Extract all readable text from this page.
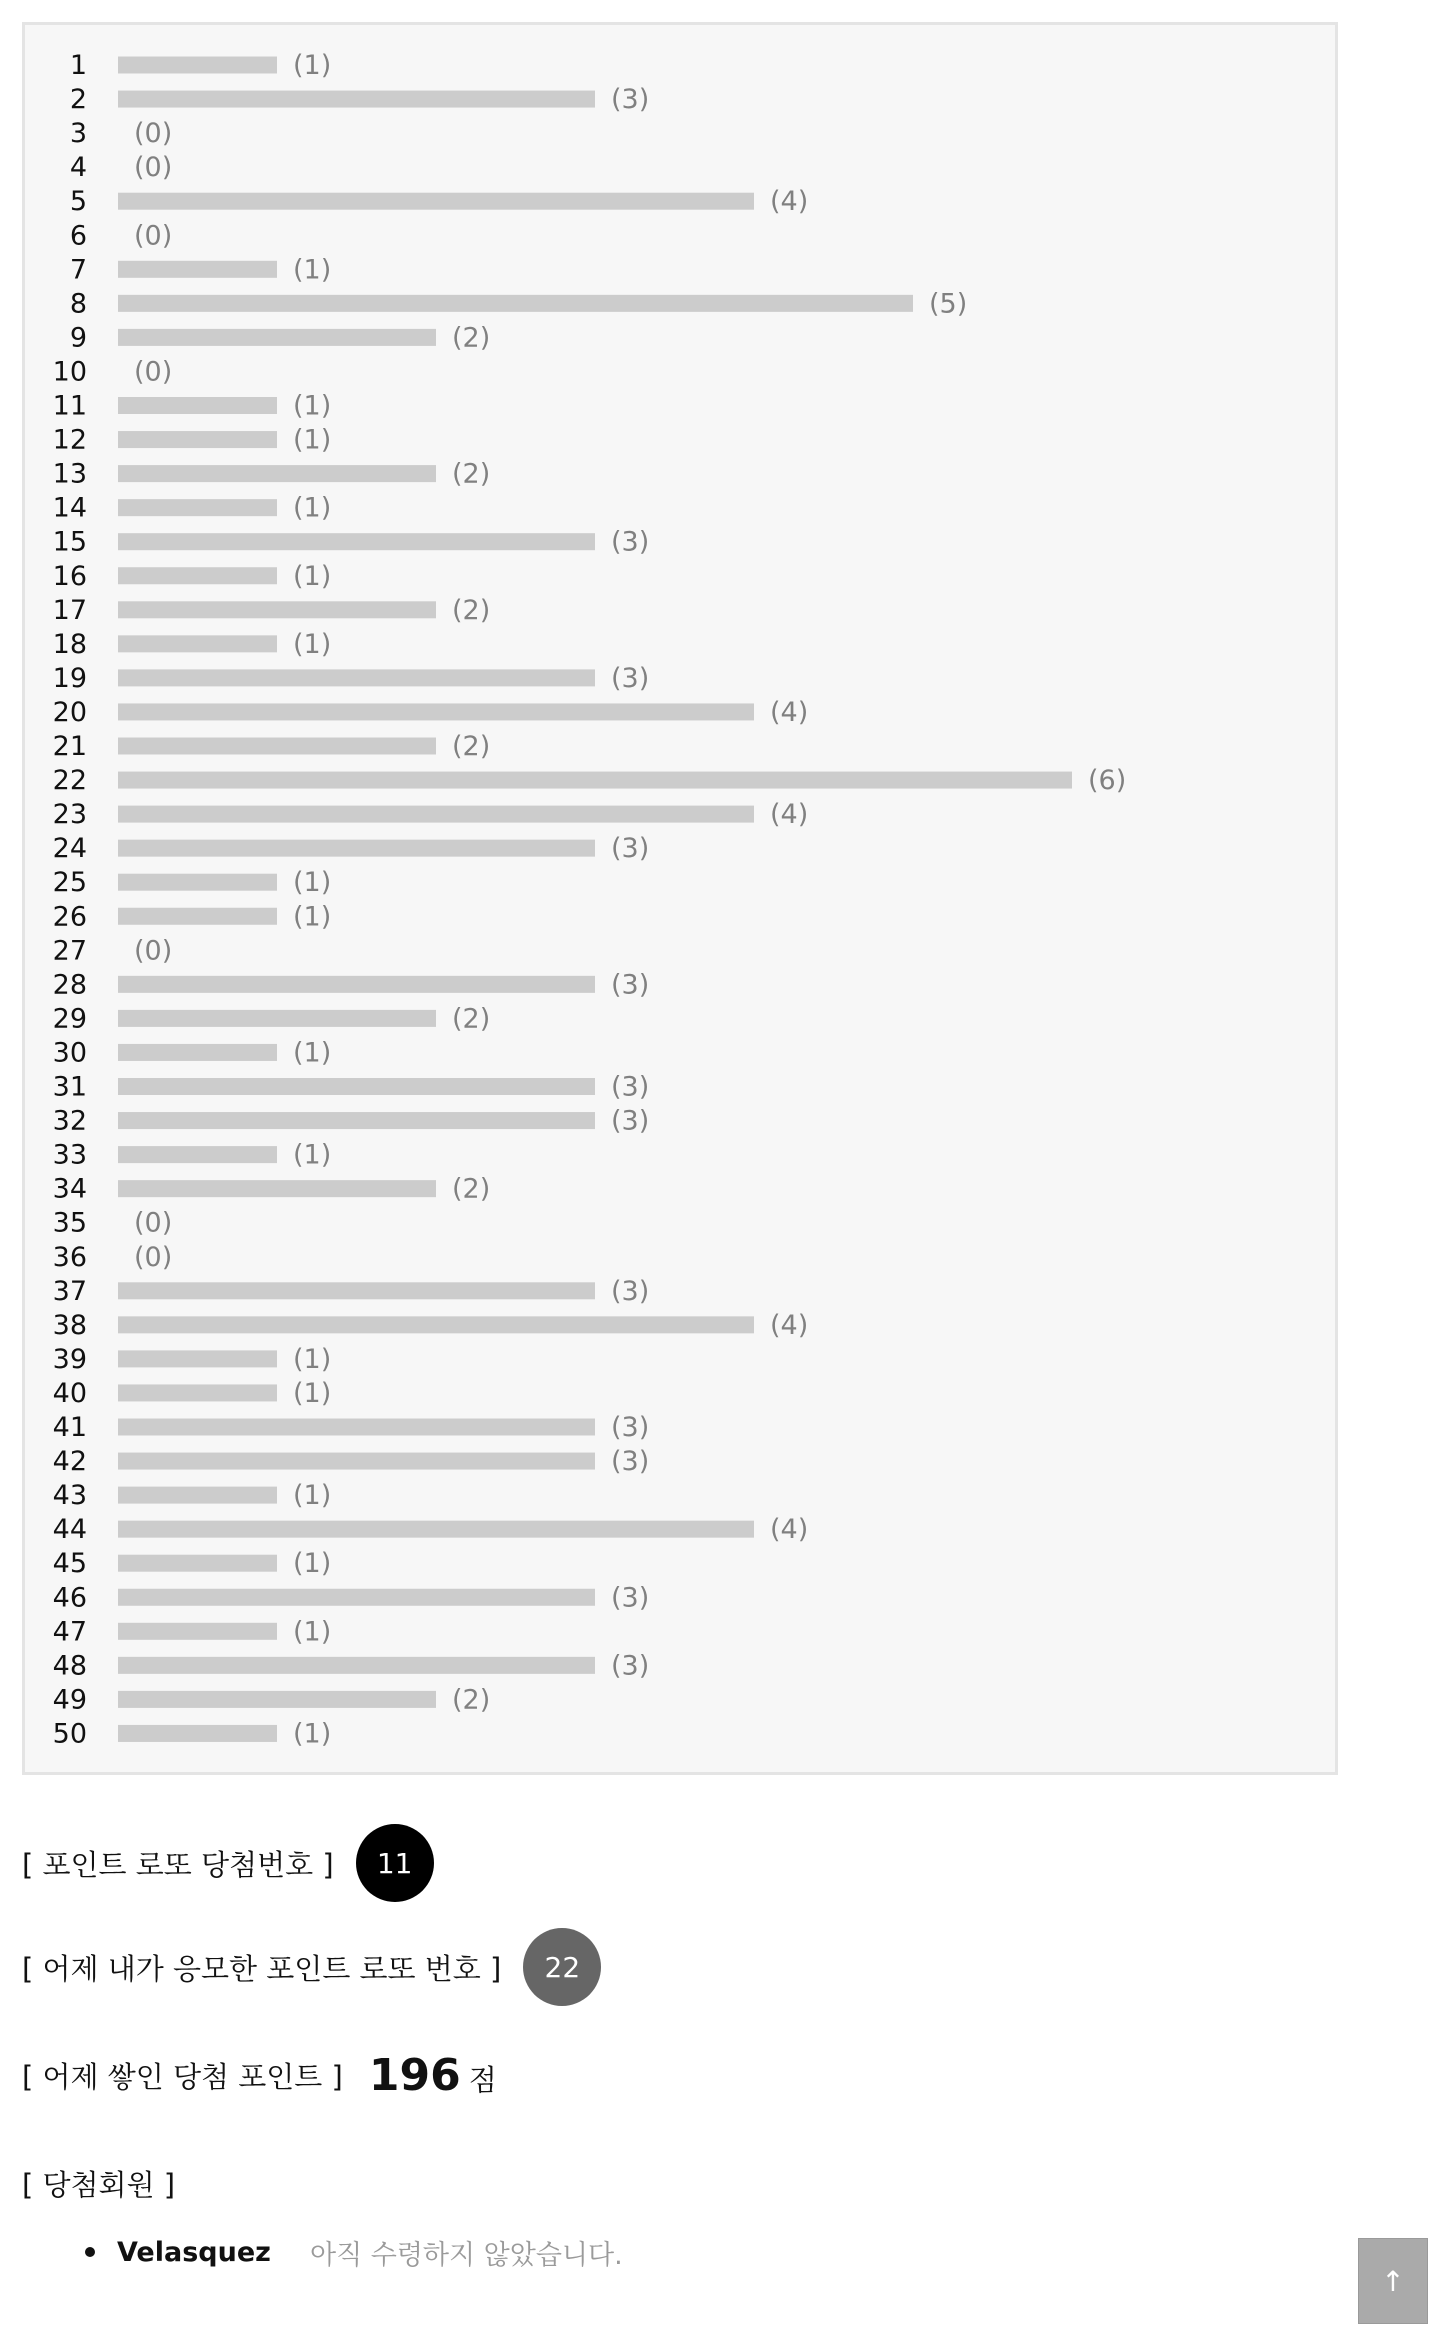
1	(1)
2	(3)
3 (0)
4 (0)
5	(4)
6 (0)
7	(1)
8	(5)
9	(2)
10 (0)
11	(1)
12	(1)
13	(2)
14	(1)
15	(3)
16	(1)
17	(2)
18	(1)
19	(3)
20	(4)
21	(2)
22	(6)
23	(4)
24	(3)
25	(1)
26	(1)
27 (0)
28	(3)
29	(2)
30	(1)
31	(3)
32	(3)
33	(1)
34	(2)
35 (0)
36 (0)
37	(3)
38	(4)
39	(1)
40	(1)
41	(3)
42	(3)
43	(1)
44	(4)
45	(1)
46	(3)
47	(1)
48	(3)
49	(2)
50	(1)
[ 포인트 로또 당첨번호 ]	11
[ 어제 내가 응모한 포인트 로또 번호 ]	22
[ 어제 쌓인 당첨 포인트 ] 196 점
[ 당첨회원 ]
Velasquez	아직 수령하지 않았습니다.
↑
